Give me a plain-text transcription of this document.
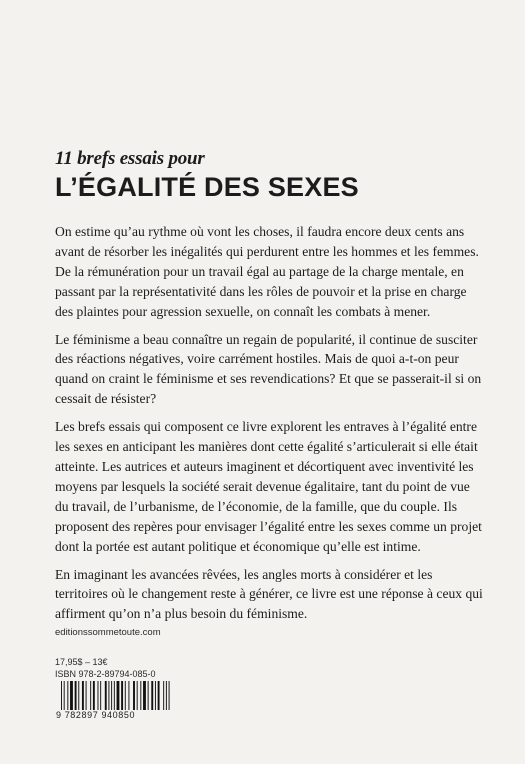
11 brefs essais pour
L’ÉGALITÉ DES SEXES

On estime qu’au rythme où vont les choses, il faudra encore deux cents ans avant de résorber les inégalités qui perdurent entre les hommes et les femmes. De la rémunération pour un travail égal au partage de la charge mentale, en passant par la représentativité dans les rôles de pouvoir et la prise en charge des plaintes pour agression sexuelle, on connaît les combats à mener.

Le féminisme a beau connaître un regain de popularité, il continue de susciter des réactions négatives, voire carrément hostiles. Mais de quoi a-t-on peur quand on craint le féminisme et ses revendications? Et que se passerait-il si on cessait de résister?

Les brefs essais qui composent ce livre explorent les entraves à l’égalité entre les sexes en anticipant les manières dont cette égalité s’articulerait si elle était atteinte. Les autrices et auteurs imaginent et décortiquent avec inventivité les moyens par lesquels la société serait devenue égalitaire, tant du point de vue du travail, de l’urbanisme, de l’économie, de la famille, que du couple. Ils proposent des repères pour envisager l’égalité entre les sexes comme un projet dont la portée est autant politique et économique qu’elle est intime.

En imaginant les avancées rêvées, les angles morts à considérer et les territoires où le changement reste à générer, ce livre est une réponse à ceux qui affirment qu’on n’a plus besoin du féminisme.

editionssommetoute.com
17,95$ – 13€
ISBN 978-2-89794-085-0
9 782897 940850
